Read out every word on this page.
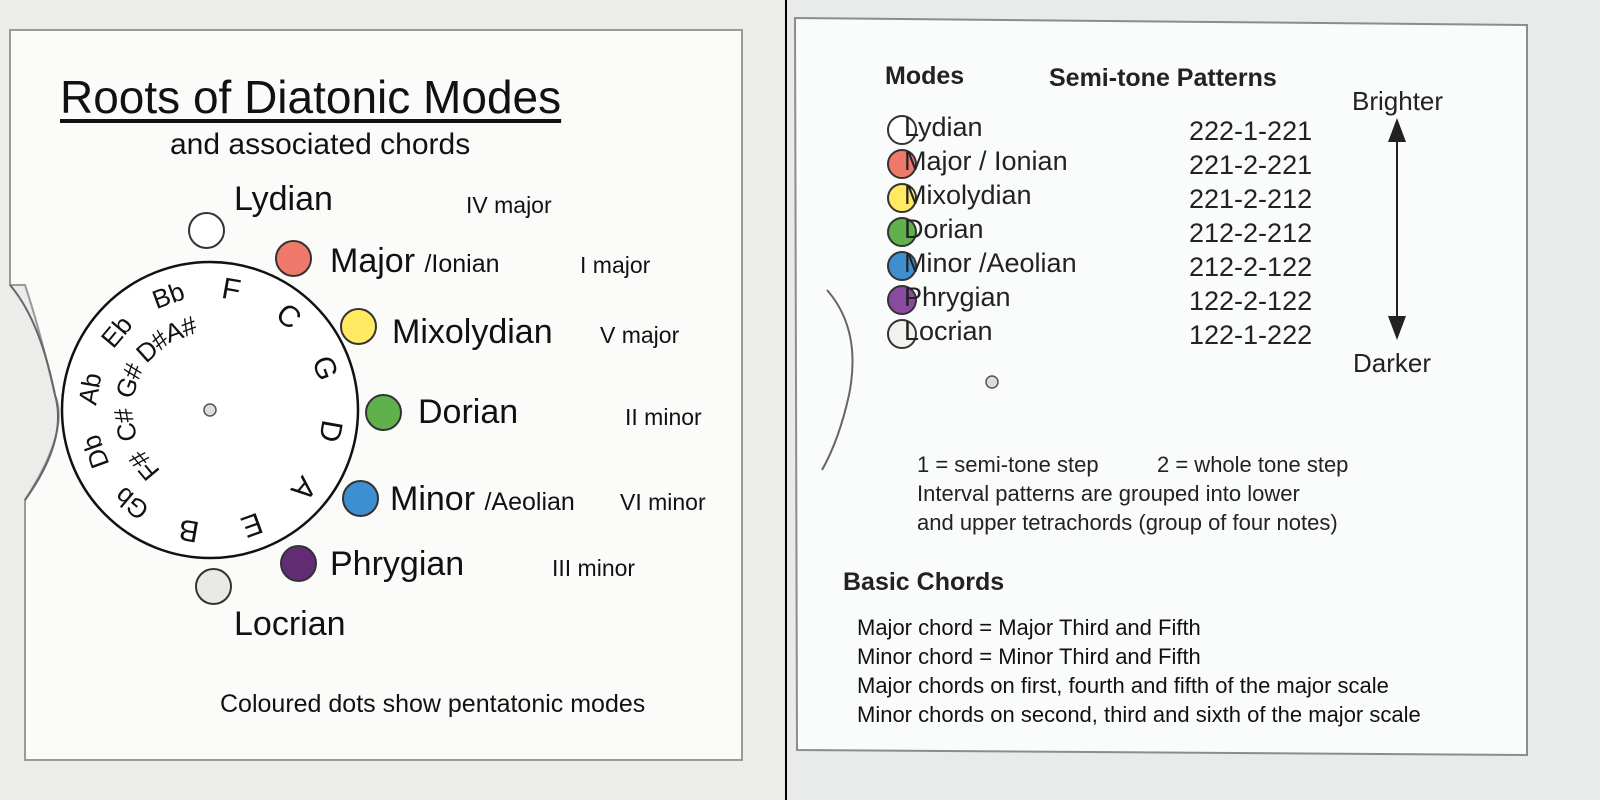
Roots of Diatonic Modes
and associated chords
F
C
G
D
A
E
B
Gb
Db
Ab
Eb
Bb
F#
C#
G#
D#
A#
Lydian
Major /Ionian
Mixolydian
Dorian
Minor /Aeolian
Phrygian
Locrian
IV major
I major
V major
II minor
VI minor
III minor
Coloured dots show pentatonic modes
Modes	Semi-tone Patterns
Brighter
Darker
Lydian
Major / Ionian
Mixolydian
Dorian
Minor /Aeolian
Phrygian
Locrian
222-1-221
221-2-221
221-2-212
212-2-212
212-2-122
122-2-122
122-1-222
1 = semi-tone step	2 = whole tone step
Interval patterns are grouped into lower
and upper tetrachords (group of four notes)
Basic Chords
Major chord = Major Third and Fifth
Minor chord = Minor Third and Fifth
Major chords on first, fourth and fifth of the major scale
Minor chords on second, third and sixth of the major scale
